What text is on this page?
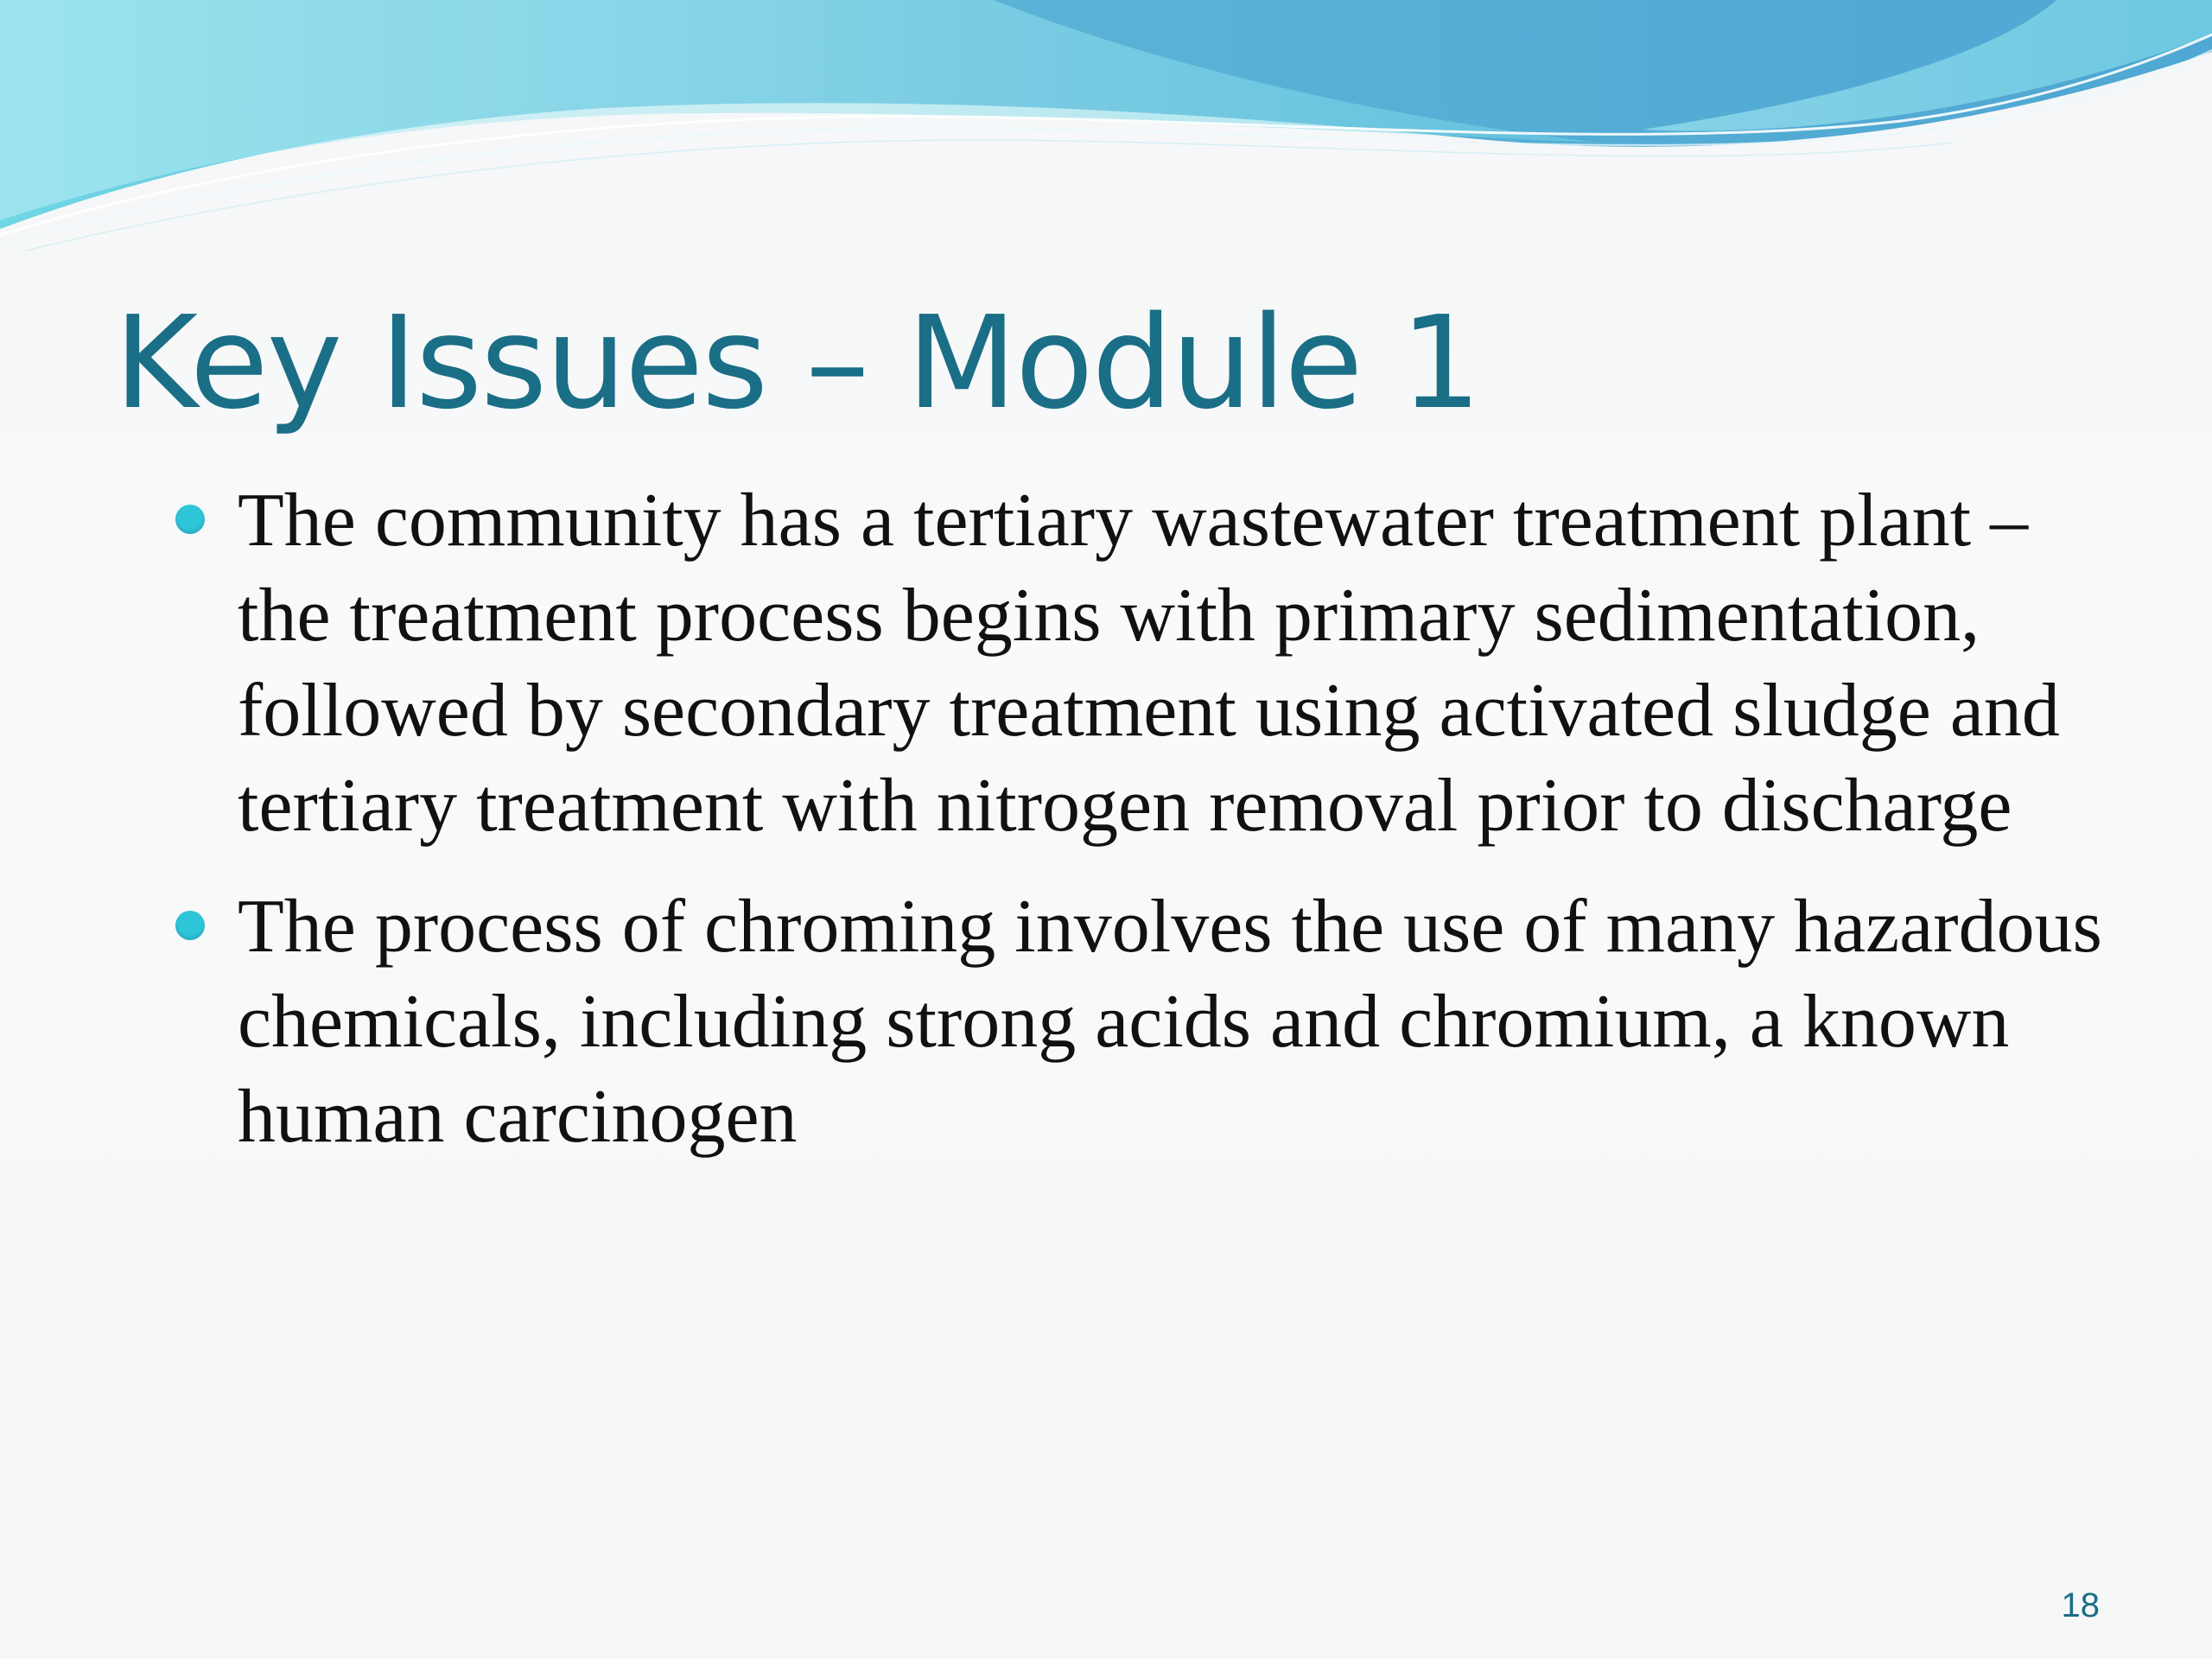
Key Issues – Module 1
The community has a tertiary wastewater treatment plant – the treatment process begins with primary sedimentation, followed by secondary treatment using activated sludge and tertiary treatment with nitrogen removal prior to discharge
The process of chroming involves the use of many hazardous chemicals, including strong acids and chromium, a known human carcinogen
18
